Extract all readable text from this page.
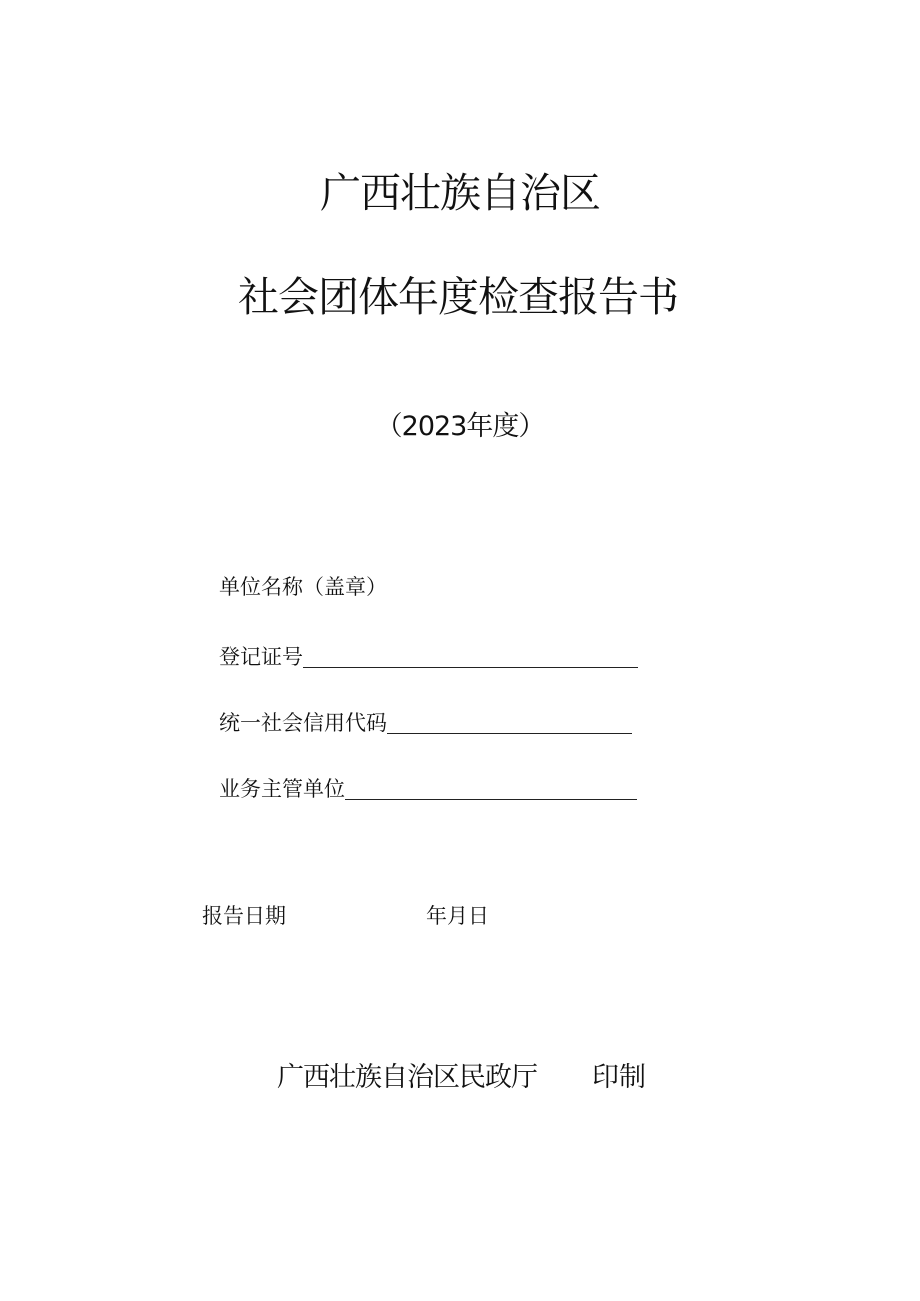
广西壮族自治区
社会团体年度检查报告书
（2023年度）
单位名称（盖章）
登记证号
统一社会信用代码
业务主管单位
报告日期	年月日
广西壮族自治区民政厅 印制
